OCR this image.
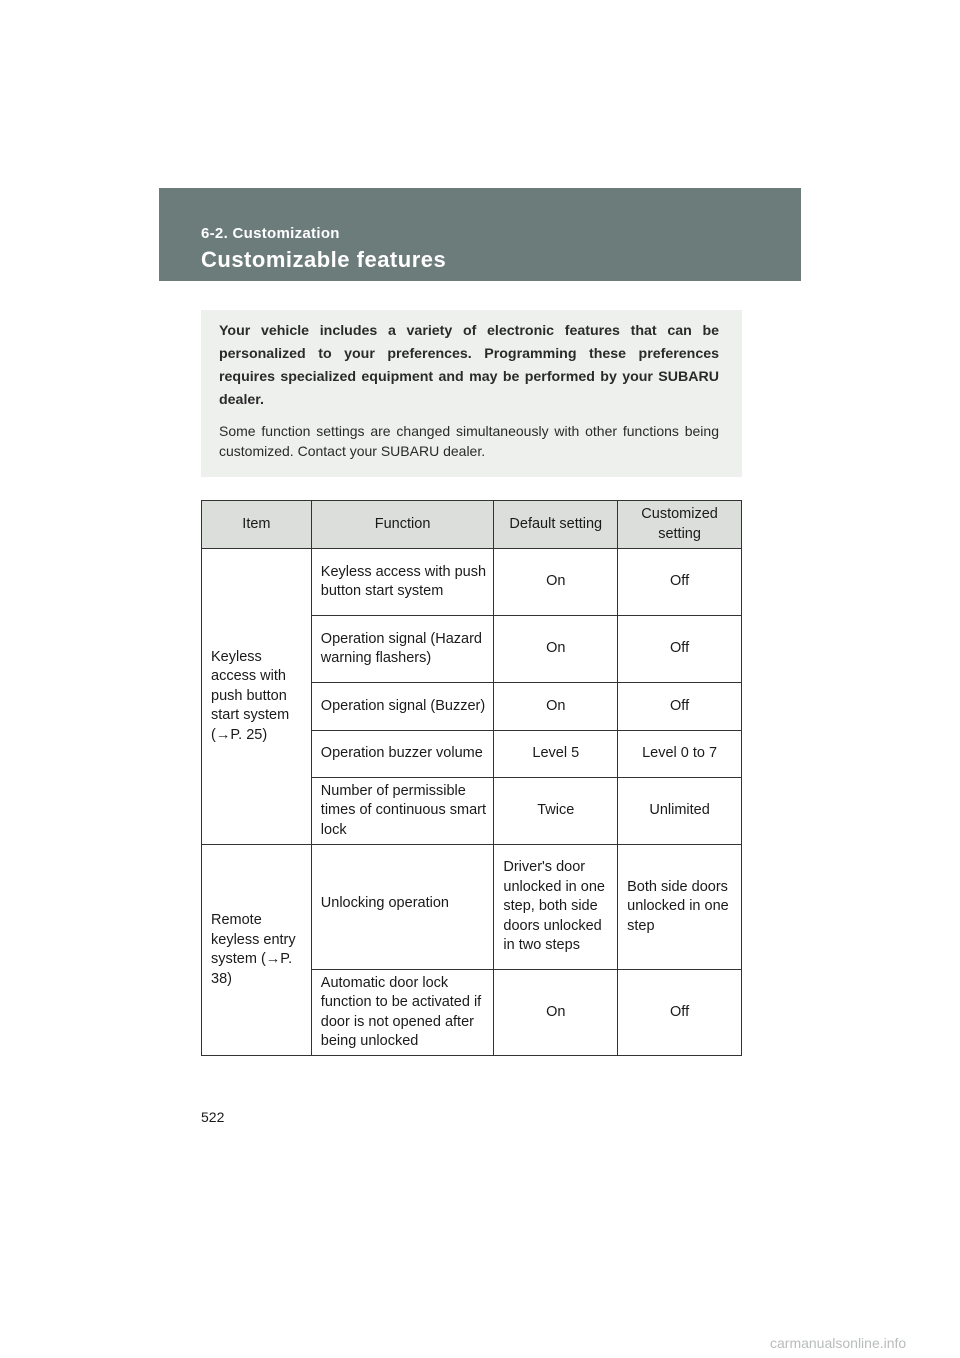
6-2. Customization
Customizable features

Your vehicle includes a variety of electronic features that can be personalized to your preferences. Programming these preferences requires specialized equipment and may be performed by your SUBARU dealer.

Some function settings are changed simultaneously with other functions being customized. Contact your SUBARU dealer.

Item	Function	Default setting	Customized setting
Keyless access with push button start system (→P. 25)	Keyless access with push button start system	On	Off
	Operation signal (Hazard warning flashers)	On	Off
	Operation signal (Buzzer)	On	Off
	Operation buzzer volume	Level 5	Level 0 to 7
	Number of permissible times of continuous smart lock	Twice	Unlimited
Remote keyless entry system (→P. 38)	Unlocking operation	Driver's door unlocked in one step, both side doors unlocked in two steps	Both side doors unlocked in one step
	Automatic door lock function to be activated if door is not opened after being unlocked	On	Off
522
carmanualsonline.info
